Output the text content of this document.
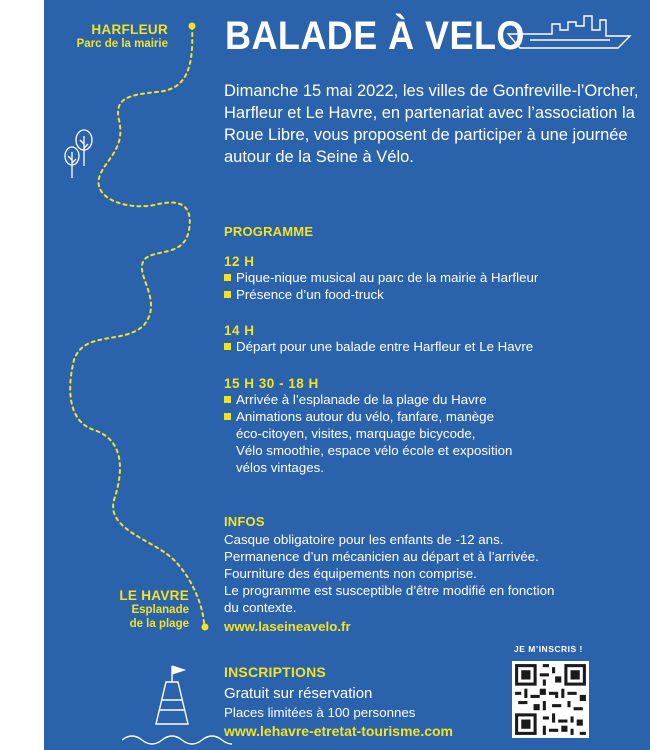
HARFLEUR
Parc de la mairie
LE HAVRE
Esplanade
de la plage
BALADE À VELO
Dimanche 15 mai 2022, les villes de Gonfreville-l’Orcher, Harfleur et Le Havre, en partenariat avec l’association la Roue Libre, vous proposent de participer à une journée autour de la Seine à Vélo.
PROGRAMME
12 H
Pique-nique musical au parc de la mairie à Harfleur
Présence d’un food-truck
14 H
Départ pour une balade entre Harfleur et Le Havre
15 H 30 - 18 H
Arrivée à l’esplanade de la plage du Havre
Animations autour du vélo, fanfare, manège
éco-citoyen, visites, marquage bicycode,
Vélo smoothie, espace vélo école et exposition
vélos vintages.
INFOS
Casque obligatoire pour les enfants de -12 ans.
Permanence d’un mécanicien au départ et à l’arrivée.
Fourniture des équipements non comprise.
Le programme est susceptible d’être modifié en fonction
du contexte.
www.laseineavelo.fr
INSCRIPTIONS
Gratuit sur réservation
Places limitées à 100 personnes
www.lehavre-etretat-tourisme.com
JE M’INSCRIS !
